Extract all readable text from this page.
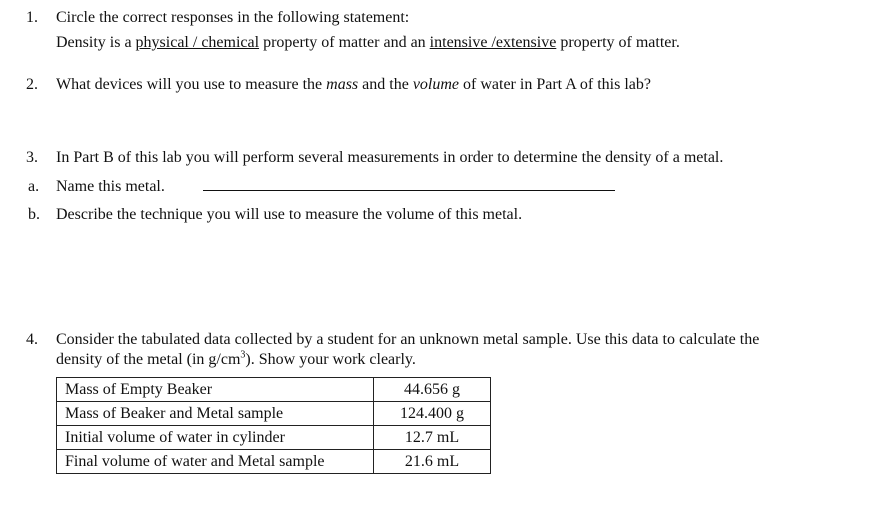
1. Circle the correct responses in the following statement:
Density is a physical / chemical property of matter and an intensive /extensive property of matter.
2. What devices will you use to measure the mass and the volume of water in Part A of this lab?
3. In Part B of this lab you will perform several measurements in order to determine the density of a metal.
a. Name this metal.
b. Describe the technique you will use to measure the volume of this metal.
4. Consider the tabulated data collected by a student for an unknown metal sample. Use this data to calculate the
density of the metal (in $g/cm^3$). Show your work clearly.
Mass of Empty Beaker	44.656 g
Mass of Beaker and Metal sample	124.400 g
Initial volume of water in cylinder	12.7 mL
Final volume of water and Metal sample	21.6 mL
